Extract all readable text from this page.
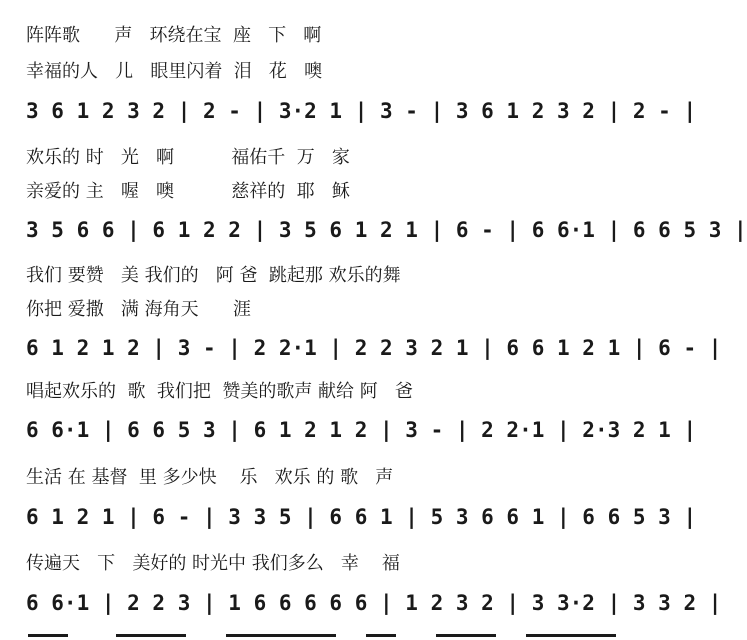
阵阵歌      声   环绕在宝  座   下   啊
幸福的人   儿   眼里闪着  泪   花   噢
3 6 1 2 3 2 | 2 - | 3·2 1 | 3 - | 3 6 1 2 3 2 | 2 - |
欢乐的 时   光   啊          福佑千  万   家
亲爱的 主   喔   噢          慈祥的  耶   稣
3 5 6 6 | 6 1 2 2 | 3 5 6 1 2 1 | 6 - | 6 6·1 | 6 6 5 3 |
我们 要赞   美 我们的   阿 爸  跳起那 欢乐的舞
你把 爱撒   满 海角天      涯
6 1 2 1 2 | 3 - | 2 2·1 | 2 2 3 2 1 | 6 6 1 2 1 | 6 - |
唱起欢乐的  歌  我们把  赞美的歌声 献给 阿   爸
6 6·1 | 6 6 5 3 | 6 1 2 1 2 | 3 - | 2 2·1 | 2·3 2 1 |
生活 在 基督  里 多少快    乐   欢乐 的 歌   声
6 1 2 1 | 6 - | 3 3 5 | 6 6 1 | 5 3 6 6 1 | 6 6 5 3 |
传遍天   下   美好的 时光中 我们多么   幸    福
6 6·1 | 2 2 3 | 1 6 6 6 6 6 | 1 2 3 2 | 3 3·2 | 3 3 2 |
